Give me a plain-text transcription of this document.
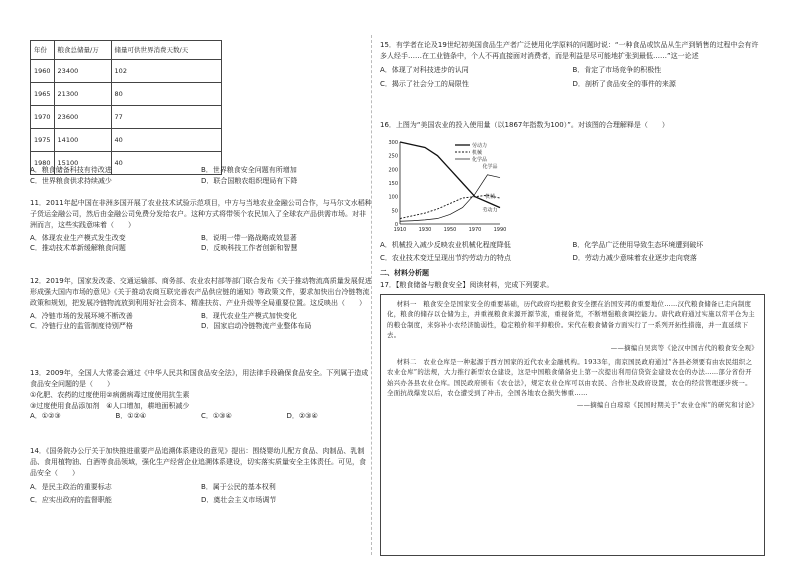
年份	粮食总储量/万	储量可供世界消费天数/天
1960	23400	102
1965	21300	80
1970	23600	77
1975	14100	40
1980	15100	40
A．粮食储备科技有待改进	B．世界粮食安全问题有所增加
C．世界粮食供求持续减少	D．联合国粮农组织理局有下降

11．2011年起中国在非洲多国开展了农业技术试验示范项目，中方与当地农业金融公司合作，与马尔文水稻种子货运金融公司，然后由金融公司免费分发给农户。这种方式将带领个农民加入了全球农产品供需市场。对非洲而言，这些实践意味着（　　）

A．体现农业生产模式发生改变	B．说明一带一路战略成效显著
C．推动技术革新缓解粮食问题	D．反映科技工作者创新和智慧

12．2019年，国家发改委、交通运输部、商务部、农业农村部等部门联合发布《关于推动物流高质量发展促进形成强大国内市场的意见》《关于推动农商互联完善农产品供应链的通知》等政策文件，要求加快出台冷链物流政策和规划，把发展冷链物流放到利用好社会资本、精准扶贫、产业升级等全局重要位置。这反映出（　　）

A．冷链市场的发展环境不断改善	B．现代农业生产模式加快变化
C．冷链行业的监管制度待别严格	D．国家启动冷链物流产业整体布局

13．2009年，全国人大常委会通过《中华人民共和国食品安全法》，用法律手段确保食品安全。下列属于造成食品安全问题的是（　　）

①化肥、农药的过度使用②病菌病毒过度使用抗生素

③过度使用食品添加剂　④人口增加，耕地面积减少

A．①②③	B．①②④	C．①③④	D．②③④

14．《国务院办公厅关于加快推进重要产品追溯体系建设的意见》提出：围绕婴幼儿配方食品、肉制品、乳制品、食用植物油、白酒等食品领域，强化生产经营企业追溯体系建设，切实落实质量安全主体责任。可见，食品安全（　　）

A．是民主政治的重要标志	B．属于公民的基本权利
C．应实出政府的监督职能	D．奠壮会主义市场调节

15．有学者在论及19世纪初美国食品生产者广泛使用化学原料的问题时说：“一种食品或饮品从生产到销售的过程中会有许多人经手……在工业链条中，个人不再直接面对消费者，而是利益是尽可能地扩张到最低……”这一论述

A．体现了对科技进步的认同	B．肯定了市场竞争的积极性
C．揭示了社会分工的局限性	D．剖析了食品安全的事件的来源

16．上图为“美国农业的投入使用量（以1867年指数为100）”。对该图的合理解释是（　　）

0
50
100
150
200
250
300
1910 1930 1950 1970 1990
化学品
机械
劳动力
劳动力
机械
化学品
A．机械投入减少反映农业机械化程度降低	B．化学品广泛使用导致生态环境遭到破坏
C．农业技术变迁呈现出节约劳动力的特点	D．劳动力减少意味着农业逐步走向衰落

二、材料分析题

17．【粮食储备与粮食安全】阅读材料，完成下列要求。

材料一　粮食安全是国家安全的重要基础，历代政府均把粮食安全摆在治国安邦的重要地位……汉代粮食储备已走向制度化，粮食的储存以仓储为主，并重视粮食来源开源节流，重视备荒，不断增强粮食调控能力。唐代政府通过实施以常平仓为主的粮仓制度，来弥补小农经济脆弱性，稳定粮价和平抑粮价。宋代在粮食储备方面实行了一系列开拓性措施，并一直延续下去。

——摘编自吴宾等《论汉中国古代的粮食安全观》

材料二　农业仓库是一种起源于西方国家的近代农业金融机构。1933年，南京国民政府通过“各县必须要有由农民组织之农业仓库”的法规，大力推行新型农仓建设，这是中国粮食储备史上第一次提出利用信贷资金建设农仓的办法……部分省份开始兴办各县农业仓库。国民政府颁布《农仓法》，规定农业仓库可以由农民、合作社及政府设置，农仓的经营管理逐步统一。全面抗战爆发以后，农仓遭受到了冲击，全国各地农仓损失惨重……

——摘编自白琼琼《民国时期关于“农业仓库”的研究和讨论》
